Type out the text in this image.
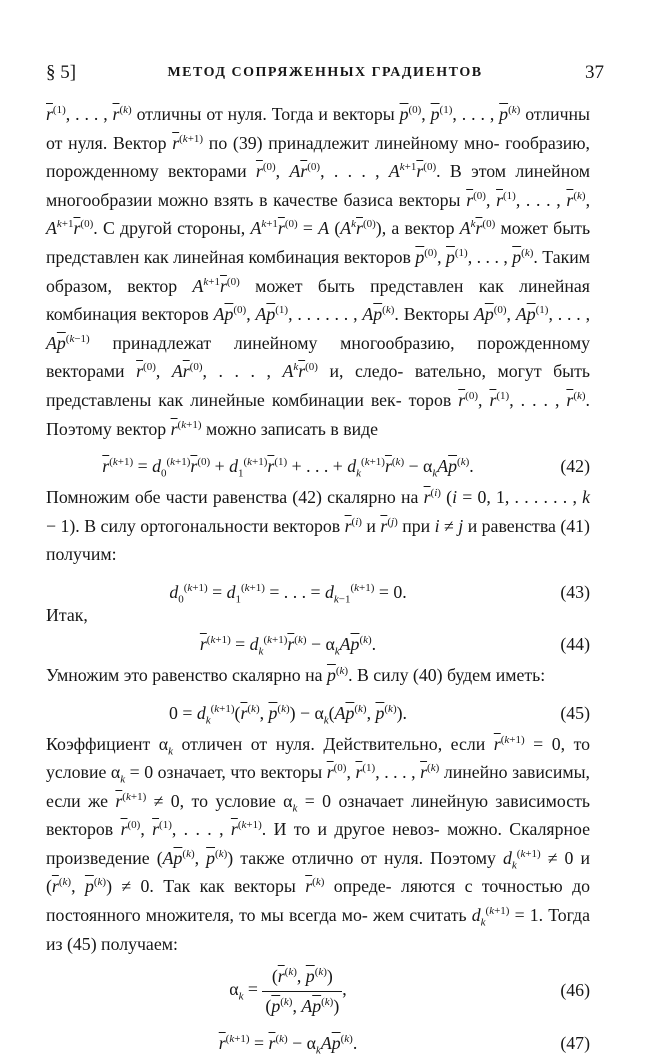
§ 5]	МЕТОД СОПРЯЖЕННЫХ ГРАДИЕНТОВ	37

$\overline{r}^{(1)}$, . . . , $\overline{r}^{(k)}$ отличны от нуля. Тогда и векторы $\overline{p}^{(0)}$, $\overline{p}^{(1)}$, . . . , $\overline{p}^{(k)}$ отличны от нуля. Вектор $\overline{r}^{(k+1)}$ по (39) принадлежит линейному мно- гообразию, порожденному векторами $\overline{r}^{(0)}$, $A\overline{r}^{(0)}$, . . . , $A^{k+1}\overline{r}^{(0)}$. В этом линейном многообразии можно взять в качестве базиса векторы $\overline{r}^{(0)}$, $\overline{r}^{(1)}$, . . . , $\overline{r}^{(k)}$, $A^{k+1}\overline{r}^{(0)}$. С другой стороны, $A^{k+1}\overline{r}^{(0)} = A$ $(A^k\overline{r}^{(0)})$, а вектор $A^k\overline{r}^{(0)}$ может быть представлен как линейная комбинация векторов $\overline{p}^{(0)}$, $\overline{p}^{(1)}$, . . . , $\overline{p}^{(k)}$. Таким образом, вектор $A^{k+1}\overline{r}^{(0)}$ может быть представлен как линейная комбинация векторов $A\overline{p}^{(0)}$, $A\overline{p}^{(1)}$, . . . . . . , $A\overline{p}^{(k)}$. Векторы $A\overline{p}^{(0)}$, $A\overline{p}^{(1)}$, . . . , $A\overline{p}^{(k-1)}$ принадлежат линейному многообразию, порожденному векторами $\overline{r}^{(0)}$, $A\overline{r}^{(0)}$, . . . , $A^k\overline{r}^{(0)}$ и, следо- вательно, могут быть представлены как линейные комбинации век- торов $\overline{r}^{(0)}$, $\overline{r}^{(1)}$, . . . , $\overline{r}^{(k)}$. Поэтому вектор $\overline{r}^{(k+1)}$ можно записать в виде

$\overline{r}^{(k+1)} = d_0^{(k+1)}\overline{r}^{(0)} + d_1^{(k+1)}\overline{r}^{(1)}$ + . . . + $d_k^{(k+1)}\overline{r}^{(k)} - \alpha_kA\overline{p}^{(k)}$.	(42)

Помножим обе части равенства (42) скалярно на $\overline{r}^{(i)}$ (i = 0, 1, . . . . . . , k − 1). В силу ортогональности векторов $\overline{r}^{(i)}$ и $\overline{r}^{(j)}$ при i ≠ j и равенства (41) получим:

$d_0^{(k+1)} = d_1^{(k+1)}$ = . . . = $d_{k-1}^{(k+1)} = 0$.	(43)
Итак,
$\overline{r}^{(k+1)} = d_k^{(k+1)}\overline{r}^{(k)} - \alpha_kA\overline{p}^{(k)}$.	(44)

Умножим это равенство скалярно на $\overline{p}^{(k)}$. В силу (40) будем иметь:

$0 = d_k^{(k+1)}(\overline{r}^{(k)}$, $\overline{p}^{(k)}) - \alpha_k(A\overline{p}^{(k)}$, $\overline{p}^{(k)}$).	(45)

Коэффициент $\alpha_k$ отличен от нуля. Действительно, если $\overline{r}^{(k+1)} = 0$, то условие $\alpha_k = 0$ означает, что векторы $\overline{r}^{(0)}$, $\overline{r}^{(1)}$, . . . , $\overline{r}^{(k)}$ линейно зависимы, если же $\overline{r}^{(k+1)} \ne 0$, то условие $\alpha_k = 0$ означает линейную зависимость векторов $\overline{r}^{(0)}$, $\overline{r}^{(1)}$, . . . , $\overline{r}^{(k+1)}$. И то и другое невоз- можно. Скалярное произведение ($A\overline{p}^{(k)}$, $\overline{p}^{(k)}$) также отлично от нуля. Поэтому $d_k^{(k+1)} \ne 0$ и ($\overline{r}^{(k)}$, $\overline{p}^{(k)}) \ne 0$. Так как векторы $\overline{r}^{(k)}$ опреде- ляются с точностью до постоянного множителя, то мы всегда мо- жем считать $d_k^{(k+1)} = 1$. Тогда из (45) получаем:

$\alpha_k = \frac{(\overline{r}^{(k)}, \overline{p}^{(k)})}{(\overline{p}^{(k)}, A\overline{p}^{(k)})}$ ,	(46)
$\overline{r}^{(k+1)} = \overline{r}^{(k)} - \alpha_kA\overline{p}^{(k)}$.	(47)
